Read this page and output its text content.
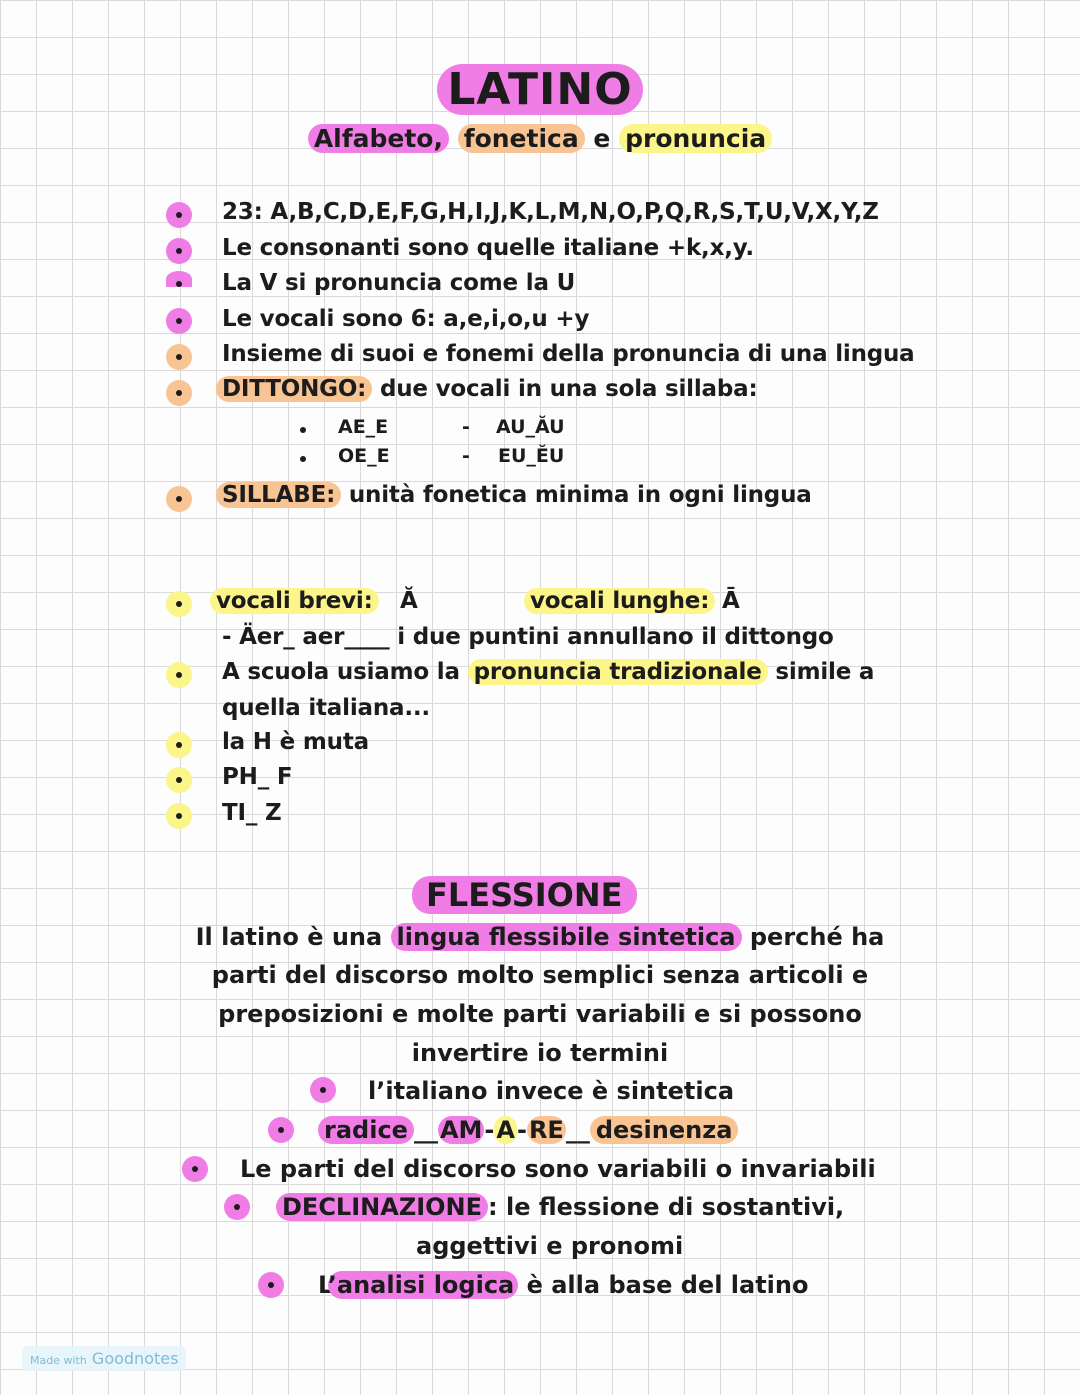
LATINO
Alfabeto, fonetica e pronuncia
23: A,B,C,D,E,F,G,H,I,J,K,L,M,N,O,P,Q,R,S,T,U,V,X,Y,Z
Le consonanti sono quelle italiane +k,x,y.
La V si pronuncia come la U
Le vocali sono 6: a,e,i,o,u +y
Insieme di suoi e fonemi della pronuncia di una lingua
DITTONGO: due vocali in una sola sillaba:
AE_E	- AU_ĂU
OE_E	- EU_ĔU
SILLABE: unità fonetica minima in ogni lingua
vocali brevi: Ă	vocali lunghe: Ā
- Äer_ aer____ i due puntini annullano il dittongo
A scuola usiamo la pronuncia tradizionale simile a
quella italiana...
la H è muta
PH_ F
TI_ Z
FLESSIONE
Il latino è una lingua flessibile sintetica perché ha
parti del discorso molto semplici senza articoli e
preposizioni e molte parti variabili e si possono
invertire io termini
l’italiano invece è sintetica
radice __AM-A-RE__ desinenza
Le parti del discorso sono variabili o invariabili
DECLINAZIONE : le flessione di sostantivi,
aggettivi e pronomi
L’analisi logica è alla base del latino
Made with Goodnotes
